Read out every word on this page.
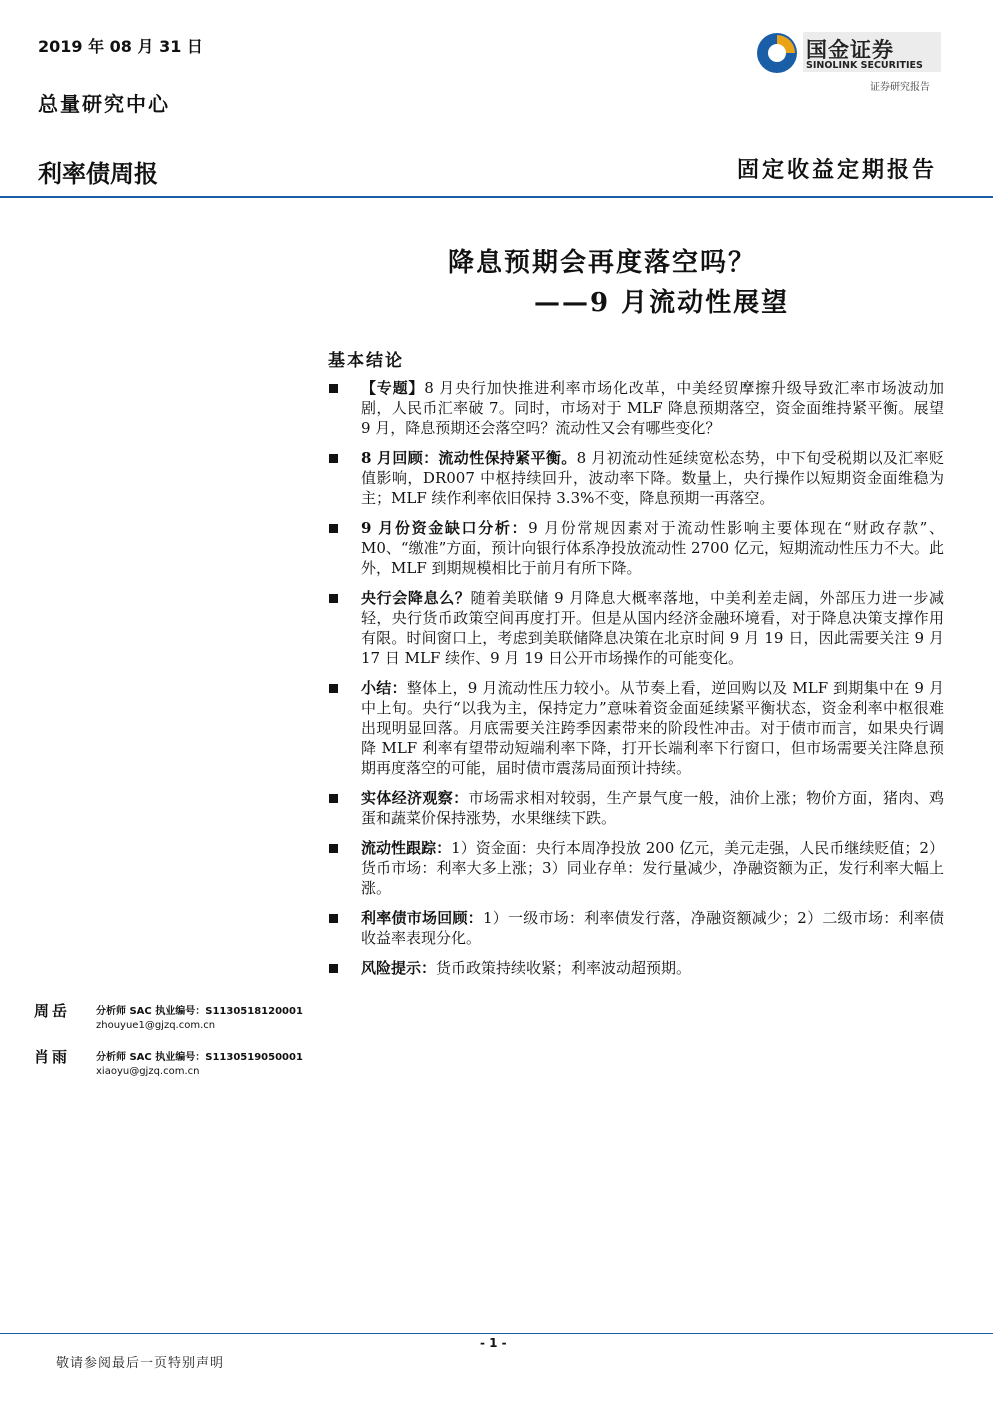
2019 年 08 月 31 日
总量研究中心
利率债周报
国金证券
SINOLINK SECURITIES
证券研究报告
固定收益定期报告
降息预期会再度落空吗？
——9 月流动性展望
基本结论
【专题】8 月央行加快推进利率市场化改革，中美经贸摩擦升级导致汇率市场波动加剧，人民币汇率破 7。同时，市场对于 MLF 降息预期落空，资金面维持紧平衡。展望 9 月，降息预期还会落空吗？流动性又会有哪些变化？
8 月回顾：流动性保持紧平衡。8 月初流动性延续宽松态势，中下旬受税期以及汇率贬值影响，DR007 中枢持续回升，波动率下降。数量上，央行操作以短期资金面维稳为主；MLF 续作利率依旧保持 3.3%不变，降息预期一再落空。
9 月份资金缺口分析：9 月份常规因素对于流动性影响主要体现在“财政存款”、M0、“缴准”方面，预计向银行体系净投放流动性 2700 亿元，短期流动性压力不大。此外，MLF 到期规模相比于前月有所下降。
央行会降息么？随着美联储 9 月降息大概率落地，中美利差走阔，外部压力进一步减轻，央行货币政策空间再度打开。但是从国内经济金融环境看，对于降息决策支撑作用有限。时间窗口上，考虑到美联储降息决策在北京时间 9 月 19 日，因此需要关注 9 月 17 日 MLF 续作、9 月 19 日公开市场操作的可能变化。
小结：整体上，9 月流动性压力较小。从节奏上看，逆回购以及 MLF 到期集中在 9 月中上旬。央行“以我为主，保持定力”意味着资金面延续紧平衡状态，资金利率中枢很难出现明显回落。月底需要关注跨季因素带来的阶段性冲击。对于债市而言，如果央行调降 MLF 利率有望带动短端利率下降，打开长端利率下行窗口，但市场需要关注降息预期再度落空的可能，届时债市震荡局面预计持续。
实体经济观察：市场需求相对较弱，生产景气度一般，油价上涨；物价方面，猪肉、鸡蛋和蔬菜价保持涨势，水果继续下跌。
流动性跟踪：1）资金面：央行本周净投放 200 亿元，美元走强，人民币继续贬值；2）货币市场：利率大多上涨；3）同业存单：发行量减少，净融资额为正，发行利率大幅上涨。
利率债市场回顾：1）一级市场：利率债发行落，净融资额减少；2）二级市场：利率债收益率表现分化。
风险提示：货币政策持续收紧；利率波动超预期。
周岳	分析师 SAC 执业编号：S1130518120001
zhouyue1@gjzq.com.cn
肖雨	分析师 SAC 执业编号：S1130519050001
xiaoyu@gjzq.com.cn
- 1 -
敬请参阅最后一页特别声明
